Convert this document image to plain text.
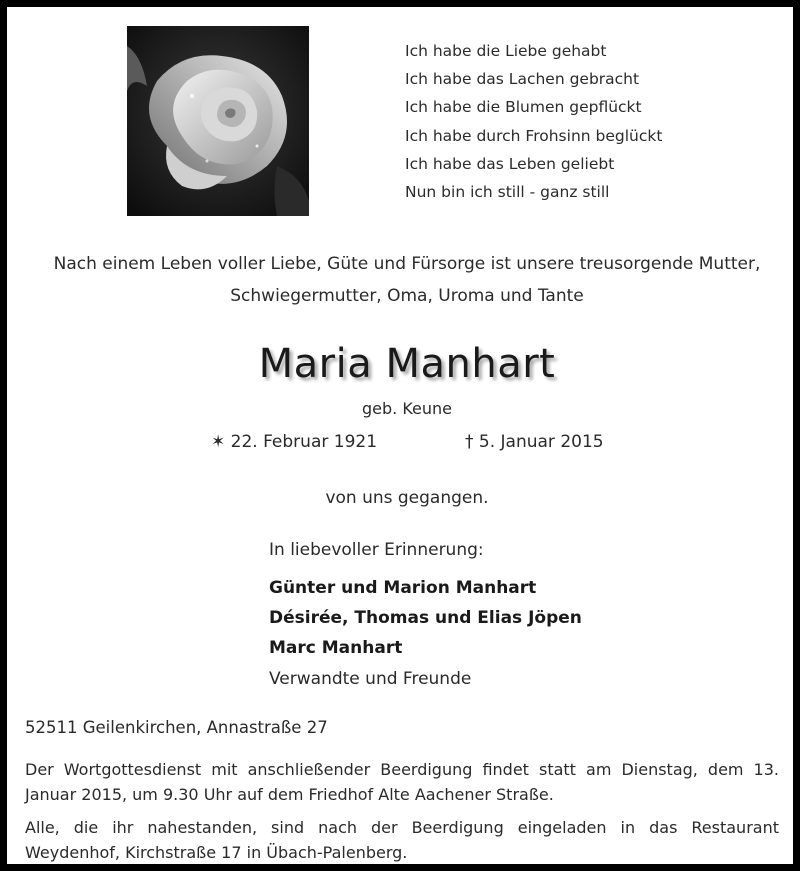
Ich habe die Liebe gehabt
Ich habe das Lachen gebracht
Ich habe die Blumen gepflückt
Ich habe durch Frohsinn beglückt
Ich habe das Leben geliebt
Nun bin ich still - ganz still
Nach einem Leben voller Liebe, Güte und Fürsorge ist unsere treusorgende Mutter,
Schwiegermutter, Oma, Uroma und Tante
Maria Manhart
geb. Keune
✶ 22. Februar 1921	† 5. Januar 2015
von uns gegangen.
In liebevoller Erinnerung:
Günter und Marion Manhart
Désirée, Thomas und Elias Jöpen
Marc Manhart
Verwandte und Freunde
52511 Geilenkirchen, Annastraße 27
Der Wortgottesdienst mit anschließender Beerdigung findet statt am Dienstag, dem 13. Januar 2015, um 9.30 Uhr auf dem Friedhof Alte Aachener Straße.
Alle, die ihr nahestanden, sind nach der Beerdigung eingeladen in das Restaurant Weydenhof, Kirchstraße 17 in Übach-Palenberg.
